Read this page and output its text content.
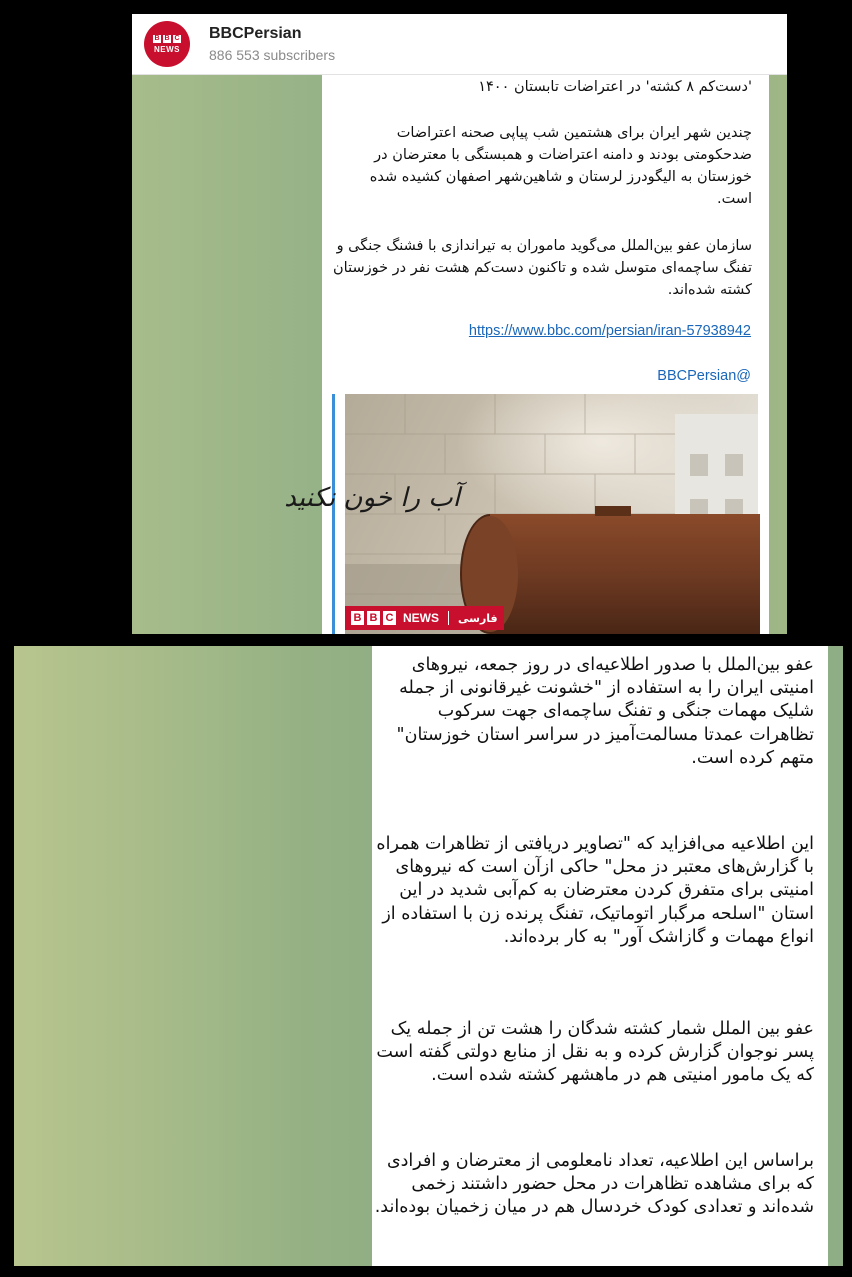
B B C
NEWS
BBCPersian
886 553 subscribers
'دست‌کم ۸ کشته' در اعتراضات تابستان ۱۴۰۰
چندین شهر ایران برای هشتمین شب پیاپی صحنه اعتراضات ضدحکومتی بودند و دامنه اعتراضات و همبستگی با معترضان در خوزستان به الیگودرز لرستان و شاهین‌شهر اصفهان کشیده شده است.
سازمان عفو بین‌الملل می‌گوید ماموران به تیراندازی با فشنگ جنگی و تفنگ ساچمه‌ای متوسل شده و تاکنون دست‌کم هشت نفر در خوزستان کشته شده‌اند.
https://www.bbc.com/persian/iran-57938942
BBCPersian@
آب را خون نکنید
B B C NEWS فارسی
عفو بین‌الملل با صدور اطلاعیه‌ای در روز جمعه، نیروهای امنیتی ایران را به استفاده از "خشونت غیرقانونی از جمله شلیک مهمات جنگی و تفنگ ساچمه‌ای جهت سرکوب تظاهرات عمدتا مسالمت‌آمیز در سراسر استان خوزستان" متهم کرده است.
این اطلاعیه می‌افزاید که "تصاویر دریافتی از تظاهرات همراه با گزارش‌های معتبر دز محل" حاکی ازآن است که نیروهای امنیتی برای متفرق کردن معترضان به کم‌آبی شدید در این استان "اسلحه مرگبار اتوماتیک، تفنگ پرنده زن با استفاده از انواع مهمات و گازاشک آور" به کار برده‌اند.
عفو بین الملل شمار کشته شدگان را هشت تن از جمله یک پسر نوجوان گزارش کرده و به نقل از منابع دولتی گفته است که یک مامور امنیتی هم در ماهشهر کشته شده است.
براساس این اطلاعیه، تعداد نامعلومی از معترضان و افرادی که برای مشاهده تظاهرات در محل حضور داشتند زخمی شده‌اند و تعدادی کودک خردسال هم در میان زخمیان بوده‌اند.
